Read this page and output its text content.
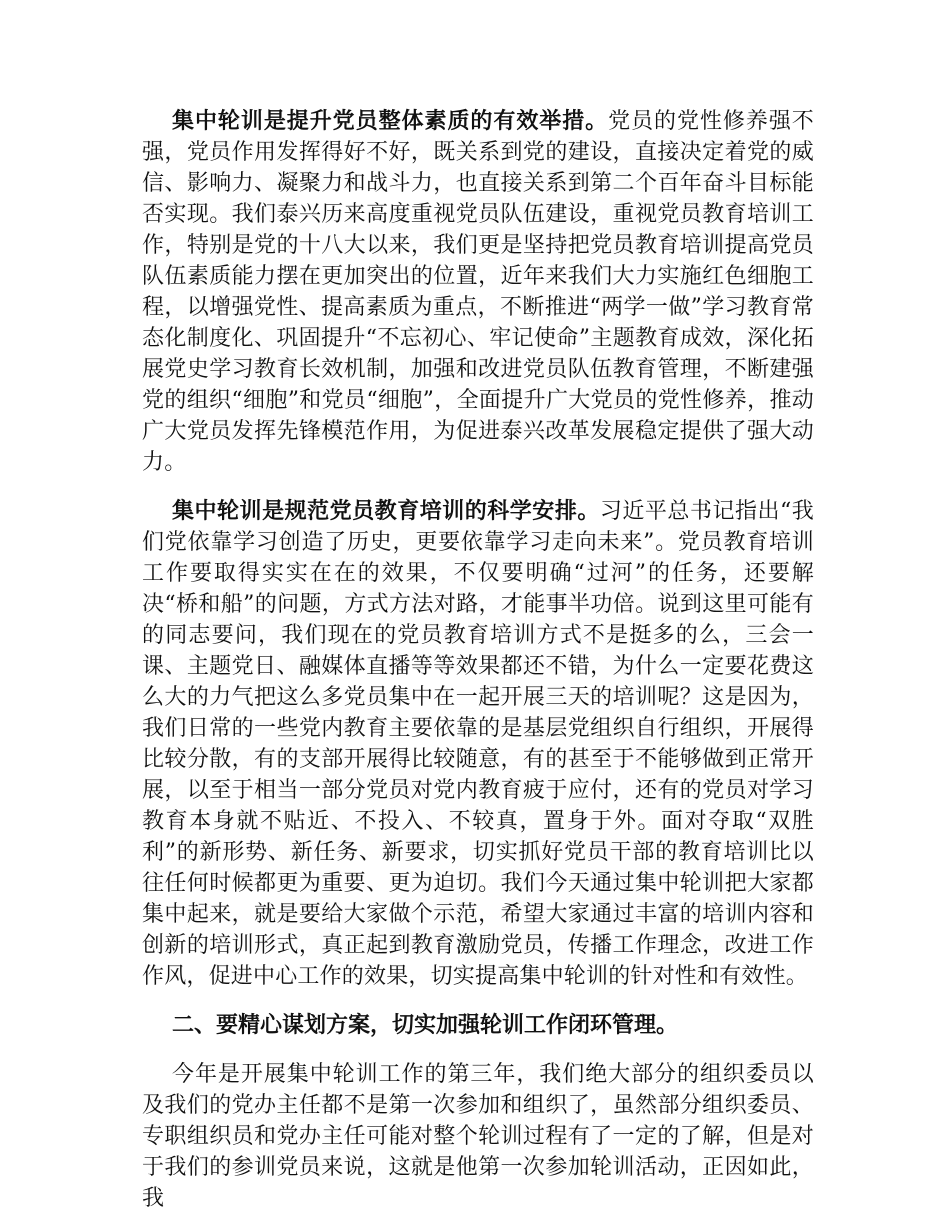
集中轮训是提升党员整体素质的有效举措。党员的党性修养强不强，党员作用发挥得好不好，既关系到党的建设，直接决定着党的威信、影响力、凝聚力和战斗力，也直接关系到第二个百年奋斗目标能否实现。我们泰兴历来高度重视党员队伍建设，重视党员教育培训工作，特别是党的十八大以来，我们更是坚持把党员教育培训提高党员队伍素质能力摆在更加突出的位置，近年来我们大力实施红色细胞工程，以增强党性、提高素质为重点，不断推进“两学一做”学习教育常态化制度化、巩固提升“不忘初心、牢记使命”主题教育成效，深化拓展党史学习教育长效机制，加强和改进党员队伍教育管理，不断建强党的组织“细胞”和党员“细胞”，全面提升广大党员的党性修养，推动广大党员发挥先锋模范作用，为促进泰兴改革发展稳定提供了强大动力。

集中轮训是规范党员教育培训的科学安排。习近平总书记指出“我们党依靠学习创造了历史，更要依靠学习走向未来”。党员教育培训工作要取得实实在在的效果，不仅要明确“过河”的任务，还要解决“桥和船”的问题，方式方法对路，才能事半功倍。说到这里可能有的同志要问，我们现在的党员教育培训方式不是挺多的么，三会一课、主题党日、融媒体直播等等效果都还不错，为什么一定要花费这么大的力气把这么多党员集中在一起开展三天的培训呢？这是因为，我们日常的一些党内教育主要依靠的是基层党组织自行组织，开展得比较分散，有的支部开展得比较随意，有的甚至于不能够做到正常开展，以至于相当一部分党员对党内教育疲于应付，还有的党员对学习教育本身就不贴近、不投入、不较真，置身于外。面对夺取“双胜利”的新形势、新任务、新要求，切实抓好党员干部的教育培训比以往任何时候都更为重要、更为迫切。我们今天通过集中轮训把大家都集中起来，就是要给大家做个示范，希望大家通过丰富的培训内容和创新的培训形式，真正起到教育激励党员，传播工作理念，改进工作作风，促进中心工作的效果，切实提高集中轮训的针对性和有效性。

二、要精心谋划方案，切实加强轮训工作闭环管理。

今年是开展集中轮训工作的第三年，我们绝大部分的组织委员以及我们的党办主任都不是第一次参加和组织了，虽然部分组织委员、专职组织员和党办主任可能对整个轮训过程有了一定的了解，但是对于我们的参训党员来说，这就是他第一次参加轮训活动，正因如此，我
